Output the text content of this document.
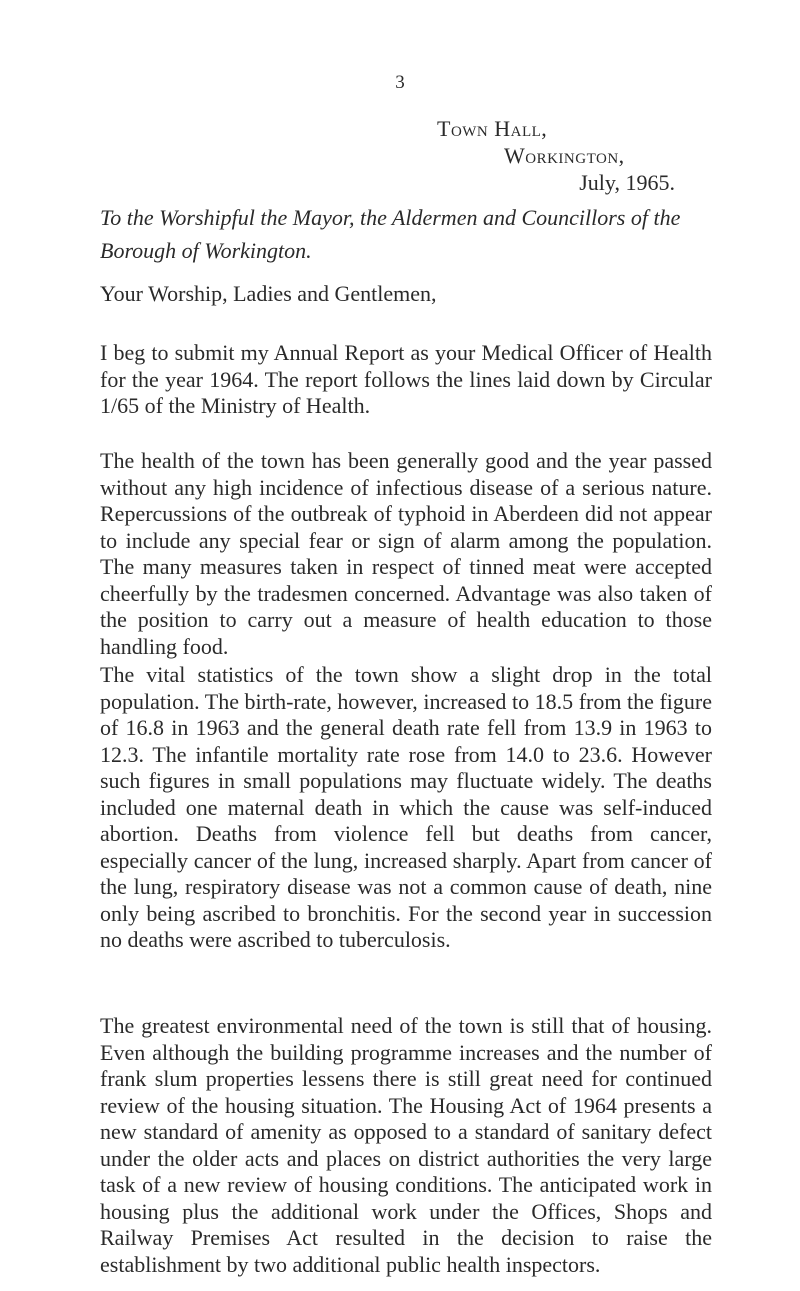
3
Town Hall,
Workington,
July, 1965.
To the Worshipful the Mayor, the Aldermen and Councillors of the Borough of Workington.
Your Worship, Ladies and Gentlemen,

I beg to submit my Annual Report as your Medical Officer of Health for the year 1964. The report follows the lines laid down by Circular 1/65 of the Ministry of Health.

The health of the town has been generally good and the year passed without any high incidence of infectious disease of a serious nature. Repercussions of the outbreak of typhoid in Aberdeen did not appear to include any special fear or sign of alarm among the population. The many measures taken in respect of tinned meat were accepted cheerfully by the tradesmen concerned. Advantage was also taken of the position to carry out a measure of health education to those handling food.

The vital statistics of the town show a slight drop in the total population. The birth-rate, however, increased to 18.5 from the figure of 16.8 in 1963 and the general death rate fell from 13.9 in 1963 to 12.3. The infantile mortality rate rose from 14.0 to 23.6. However such figures in small populations may fluctuate widely. The deaths included one maternal death in which the cause was self-induced abortion. Deaths from violence fell but deaths from cancer, especially cancer of the lung, increased sharply. Apart from cancer of the lung, respiratory disease was not a common cause of death, nine only being ascribed to bronchitis. For the second year in succession no deaths were ascribed to tuberculosis.

The greatest environmental need of the town is still that of housing. Even although the building programme increases and the number of frank slum properties lessens there is still great need for continued review of the housing situation. The Housing Act of 1964 presents a new standard of amenity as opposed to a standard of sanitary defect under the older acts and places on district authorities the very large task of a new review of housing conditions. The anticipated work in housing plus the additional work under the Offices, Shops and Railway Premises Act resulted in the decision to raise the establishment by two additional public health inspectors.
